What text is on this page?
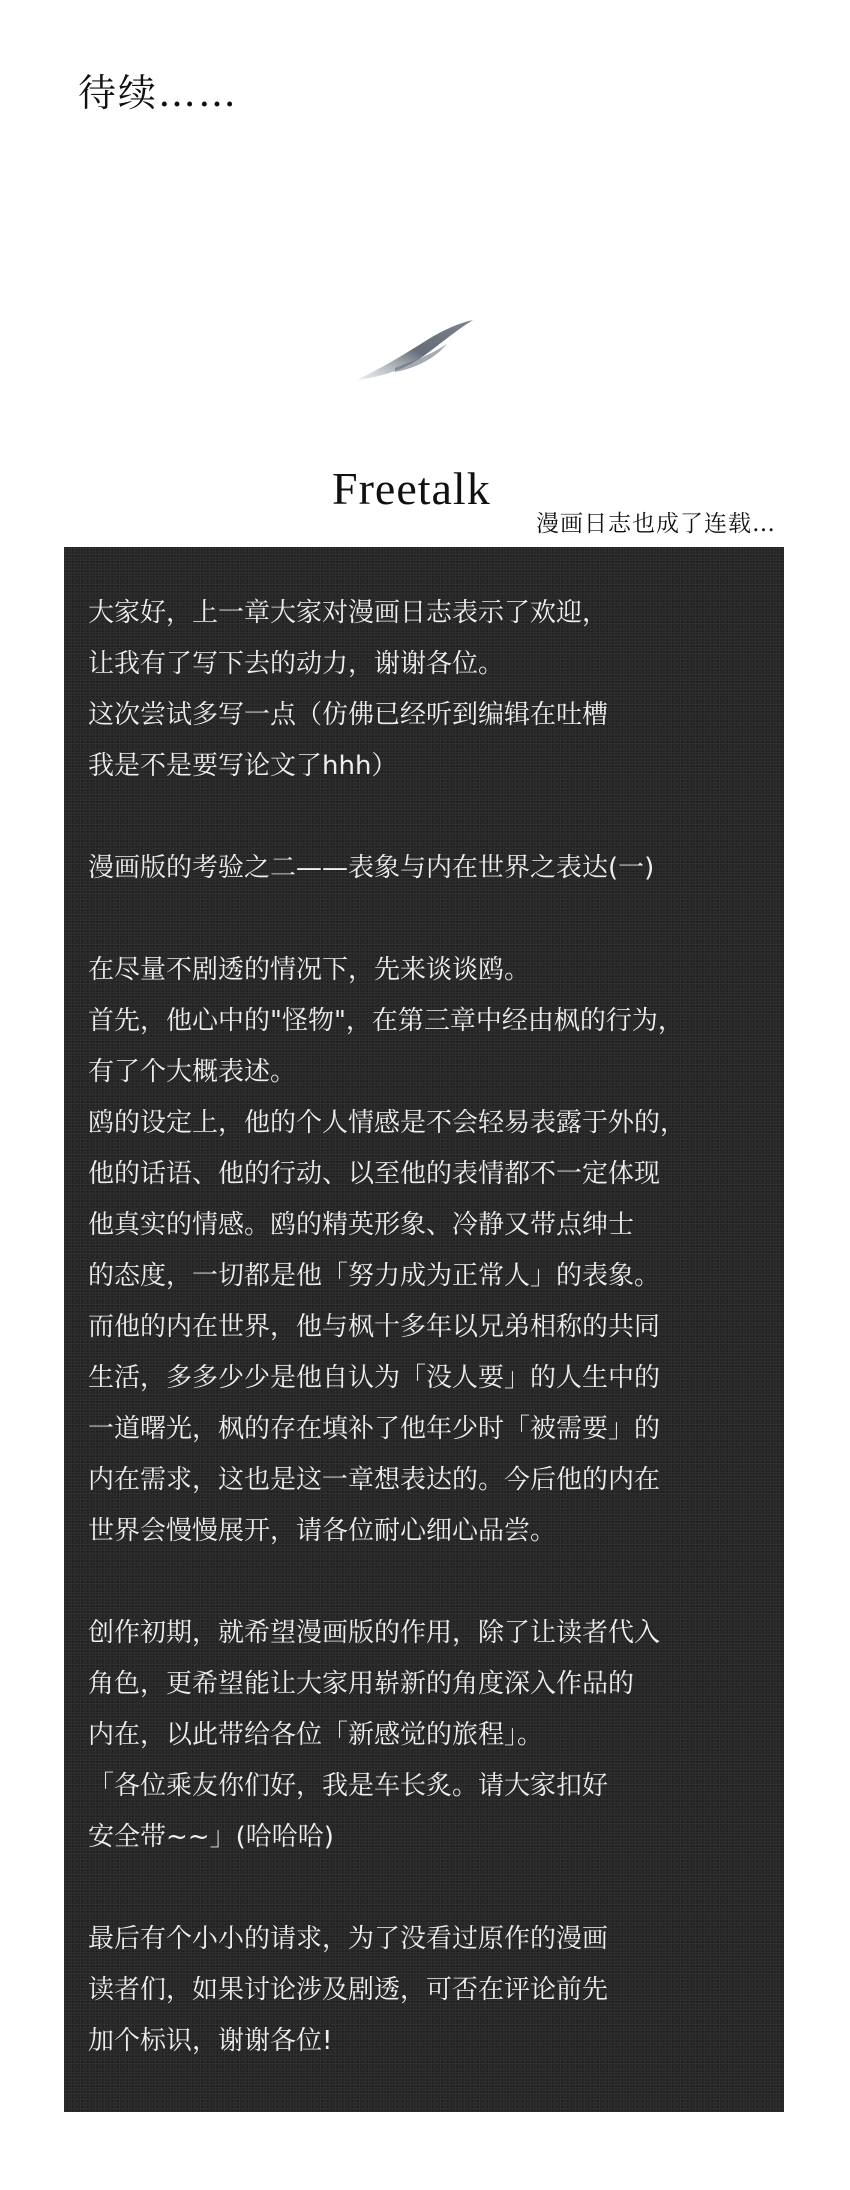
待续……
Freetalk
漫画日志也成了连载…

大家好，上一章大家对漫画日志表示了欢迎，

让我有了写下去的动力，谢谢各位。

这次尝试多写一点（仿佛已经听到编辑在吐槽

我是不是要写论文了hhh）

漫画版的考验之二——表象与内在世界之表达(一)

在尽量不剧透的情况下，先来谈谈鸥。

首先，他心中的"怪物"，在第三章中经由枫的行为，

有了个大概表述。

鸥的设定上，他的个人情感是不会轻易表露于外的，

他的话语、他的行动、以至他的表情都不一定体现

他真实的情感。鸥的精英形象、冷静又带点绅士

的态度，一切都是他「努力成为正常人」的表象。

而他的内在世界，他与枫十多年以兄弟相称的共同

生活，多多少少是他自认为「没人要」的人生中的

一道曙光，枫的存在填补了他年少时「被需要」的

内在需求，这也是这一章想表达的。今后他的内在

世界会慢慢展开，请各位耐心细心品尝。

创作初期，就希望漫画版的作用，除了让读者代入

角色，更希望能让大家用崭新的角度深入作品的

内在，以此带给各位「新感觉的旅程」。

「各位乘友你们好，我是车长炙。请大家扣好

安全带~~」(哈哈哈)

最后有个小小的请求，为了没看过原作的漫画

读者们，如果讨论涉及剧透，可否在评论前先

加个标识，谢谢各位!
